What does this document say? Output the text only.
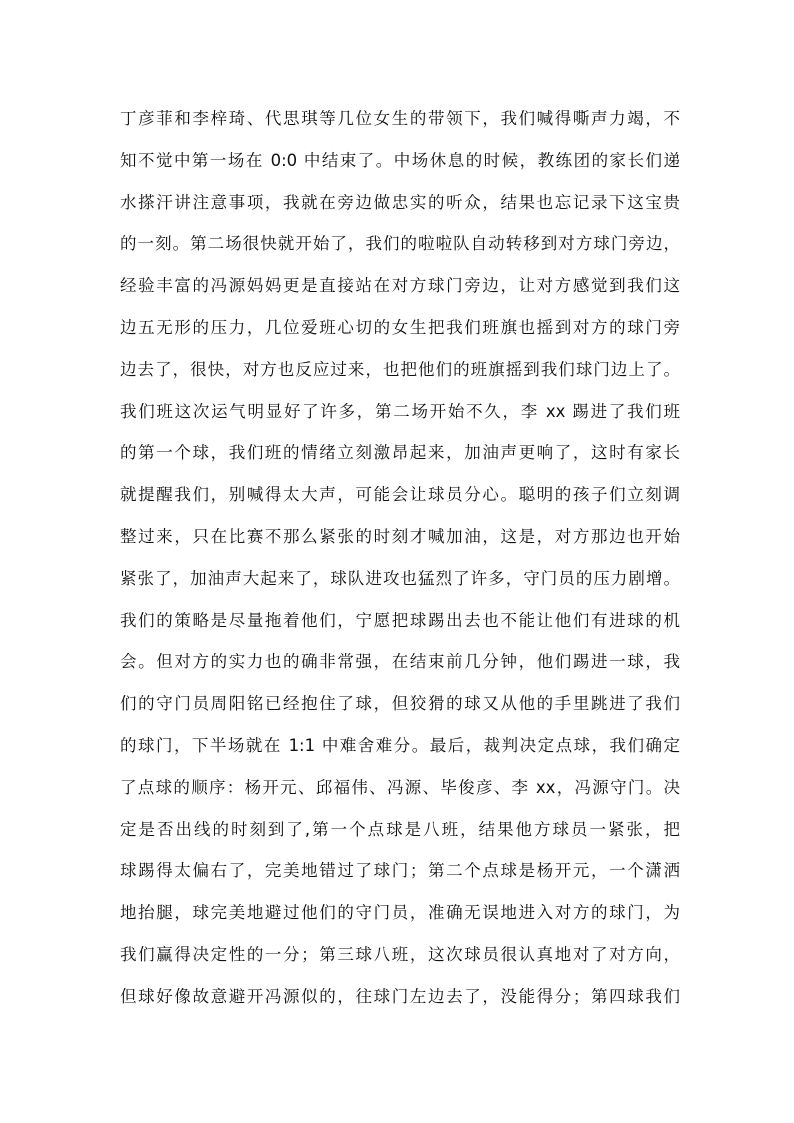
丁彦菲和李梓琦、代思琪等几位女生的带领下，我们喊得嘶声力竭，不
知不觉中第一场在 0:0 中结束了。中场休息的时候，教练团的家长们递
水搽汗讲注意事项，我就在旁边做忠实的听众，结果也忘记录下这宝贵
的一刻。第二场很快就开始了，我们的啦啦队自动转移到对方球门旁边，
经验丰富的冯源妈妈更是直接站在对方球门旁边，让对方感觉到我们这
边五无形的压力，几位爱班心切的女生把我们班旗也摇到对方的球门旁
边去了，很快，对方也反应过来，也把他们的班旗摇到我们球门边上了。
我们班这次运气明显好了许多，第二场开始不久，李 xx 踢进了我们班
的第一个球，我们班的情绪立刻激昂起来，加油声更响了，这时有家长
就提醒我们，别喊得太大声，可能会让球员分心。聪明的孩子们立刻调
整过来，只在比赛不那么紧张的时刻才喊加油，这是，对方那边也开始
紧张了，加油声大起来了，球队进攻也猛烈了许多，守门员的压力剧增。
我们的策略是尽量拖着他们，宁愿把球踢出去也不能让他们有进球的机
会。但对方的实力也的确非常强，在结束前几分钟，他们踢进一球，我
们的守门员周阳铭已经抱住了球，但狡猾的球又从他的手里跳进了我们
的球门，下半场就在 1:1 中难舍难分。最后，裁判决定点球，我们确定
了点球的顺序：杨开元、邱福伟、冯源、毕俊彦、李 xx，冯源守门。决
定是否出线的时刻到了,第一个点球是八班，结果他方球员一紧张，把
球踢得太偏右了，完美地错过了球门；第二个点球是杨开元，一个潇洒
地抬腿，球完美地避过他们的守门员，准确无误地进入对方的球门，为
我们赢得决定性的一分；第三球八班，这次球员很认真地对了对方向，
但球好像故意避开冯源似的，往球门左边去了，没能得分；第四球我们
